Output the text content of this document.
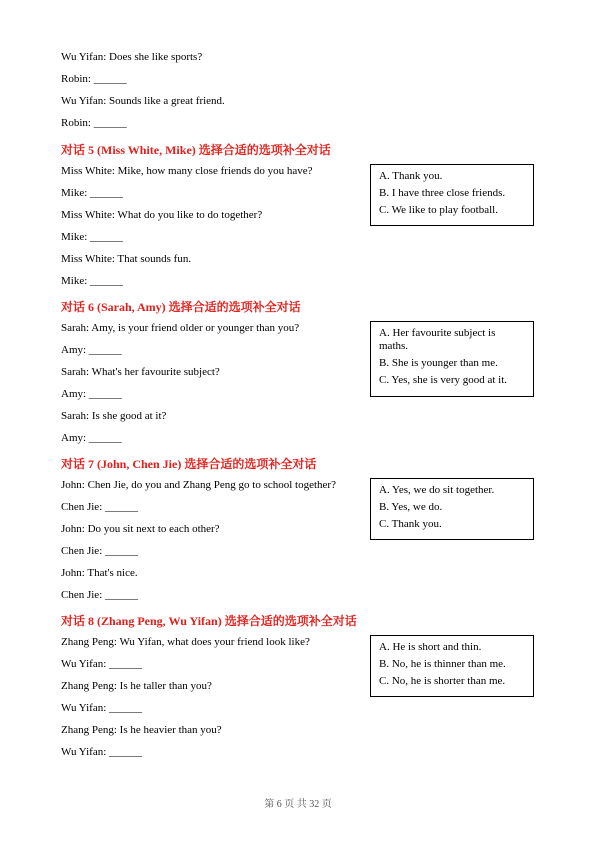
Wu Yifan: Does she like sports?
Robin: ______
Wu Yifan: Sounds like a great friend.
Robin: ______
对话 5 (Miss White, Mike) 选择合适的选项补全对话
Miss White: Mike, how many close friends do you have?
Mike: ______
Miss White: What do you like to do together?
Mike: ______
Miss White: That sounds fun.
Mike: ______
A. Thank you.
B. I have three close friends.
C. We like to play football.
对话 6 (Sarah, Amy) 选择合适的选项补全对话
Sarah: Amy, is your friend older or younger than you?
Amy: ______
Sarah: What's her favourite subject?
Amy: ______
Sarah: Is she good at it?
Amy: ______
A. Her favourite subject is maths.
B. She is younger than me.
C. Yes, she is very good at it.
对话 7 (John, Chen Jie) 选择合适的选项补全对话
John: Chen Jie, do you and Zhang Peng go to school together?
Chen Jie: ______
John: Do you sit next to each other?
Chen Jie: ______
John: That's nice.
Chen Jie: ______
A. Yes, we do sit together.
B. Yes, we do.
C. Thank you.
对话 8 (Zhang Peng, Wu Yifan) 选择合适的选项补全对话
Zhang Peng: Wu Yifan, what does your friend look like?
Wu Yifan: ______
Zhang Peng: Is he taller than you?
Wu Yifan: ______
Zhang Peng: Is he heavier than you?
Wu Yifan: ______
A. He is short and thin.
B. No, he is thinner than me.
C. No, he is shorter than me.
第 6 页 共 32 页
